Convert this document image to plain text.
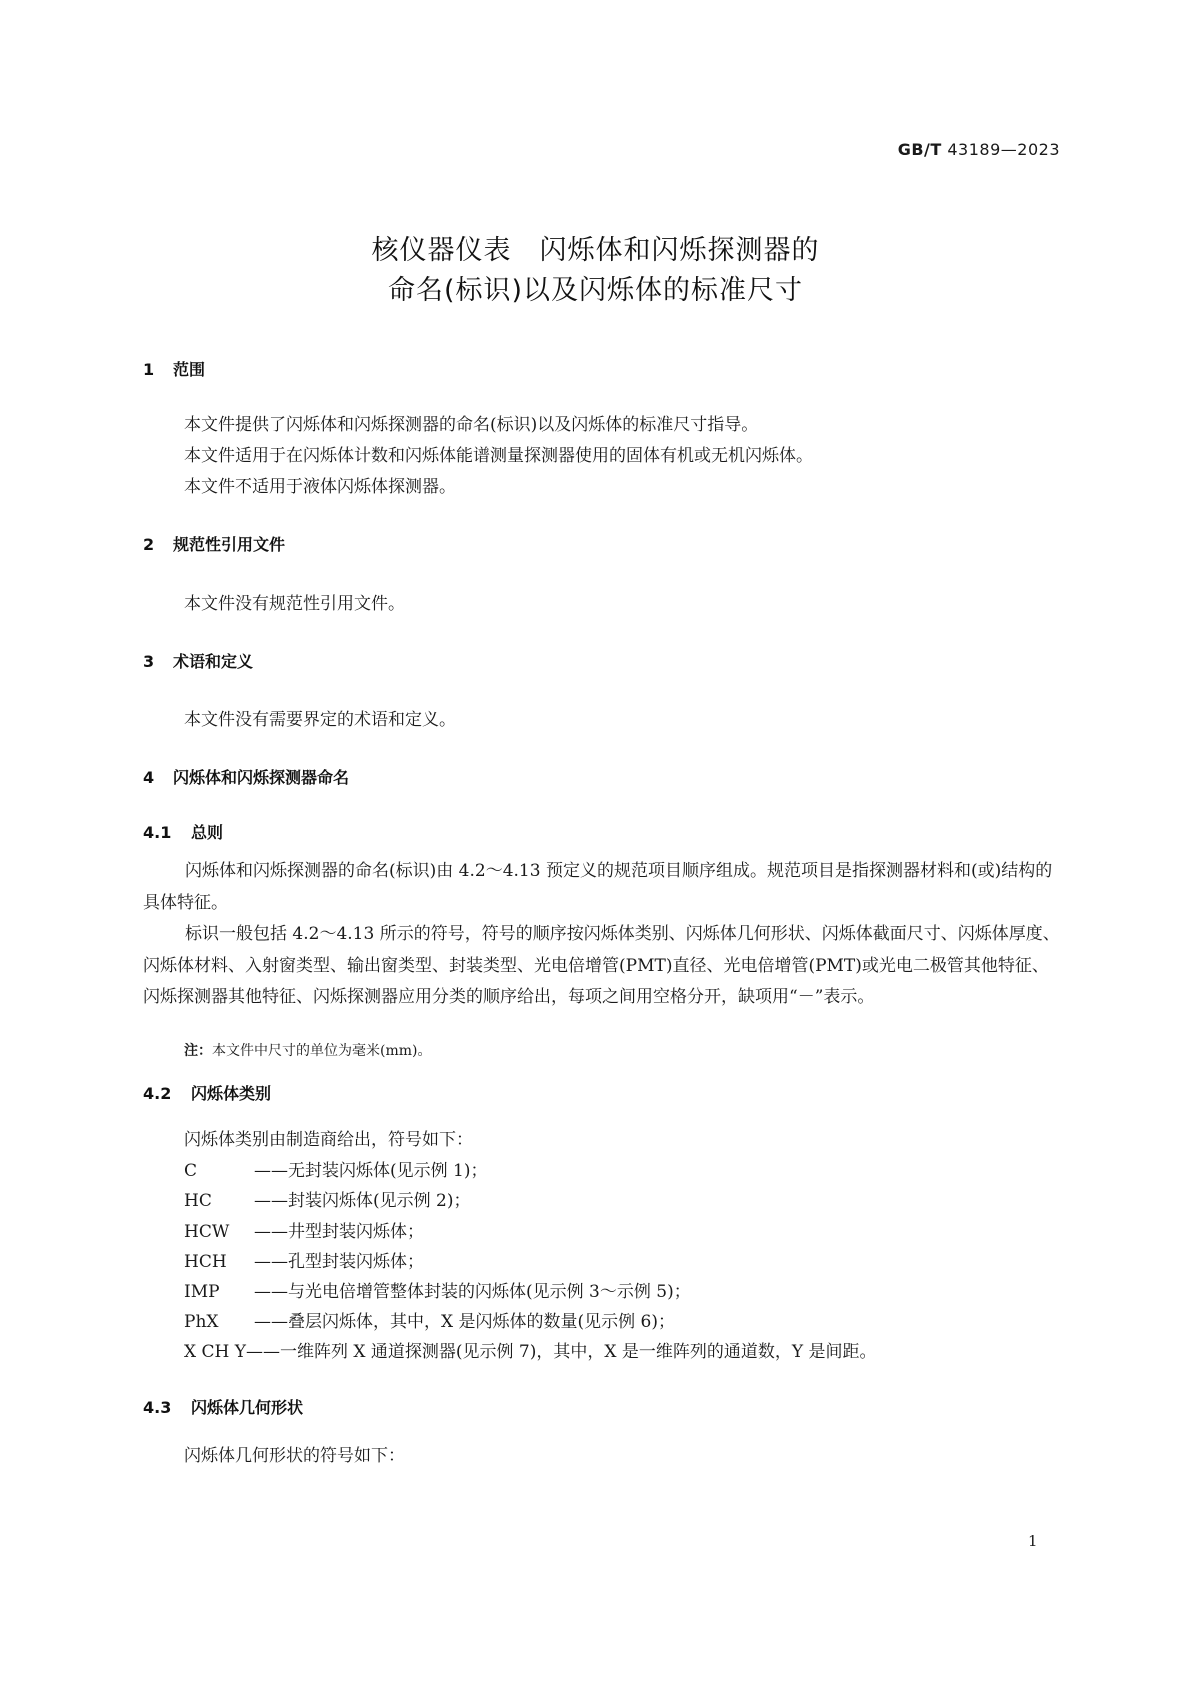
GB/T 43189—2023
核仪器仪表　闪烁体和闪烁探测器的
命名(标识)以及闪烁体的标准尺寸
1 范围
本文件提供了闪烁体和闪烁探测器的命名(标识)以及闪烁体的标准尺寸指导。
本文件适用于在闪烁体计数和闪烁体能谱测量探测器使用的固体有机或无机闪烁体。
本文件不适用于液体闪烁体探测器。
2 规范性引用文件
本文件没有规范性引用文件。
3 术语和定义
本文件没有需要界定的术语和定义。
4 闪烁体和闪烁探测器命名
4.1 总则
闪烁体和闪烁探测器的命名(标识)由 4.2～4.13 预定义的规范项目顺序组成。规范项目是指探测器材料和(或)结构的具体特征。
标识一般包括 4.2～4.13 所示的符号，符号的顺序按闪烁体类别、闪烁体几何形状、闪烁体截面尺寸、闪烁体厚度、闪烁体材料、入射窗类型、输出窗类型、封装类型、光电倍增管(PMT)直径、光电倍增管(PMT)或光电二极管其他特征、闪烁探测器其他特征、闪烁探测器应用分类的顺序给出，每项之间用空格分开，缺项用“－”表示。
注：本文件中尺寸的单位为毫米(mm)。
4.2 闪烁体类别
闪烁体类别由制造商给出，符号如下：
C	——无封装闪烁体(见示例 1)；
HC ——封装闪烁体(见示例 2)；
HCW ——井型封装闪烁体；
HCH ——孔型封装闪烁体；
IMP ——与光电倍增管整体封装的闪烁体(见示例 3～示例 5)；
PhX ——叠层闪烁体，其中，X 是闪烁体的数量(见示例 6)；
X CH Y——一维阵列 X 通道探测器(见示例 7)，其中，X 是一维阵列的通道数，Y 是间距。
4.3 闪烁体几何形状
闪烁体几何形状的符号如下：
1
